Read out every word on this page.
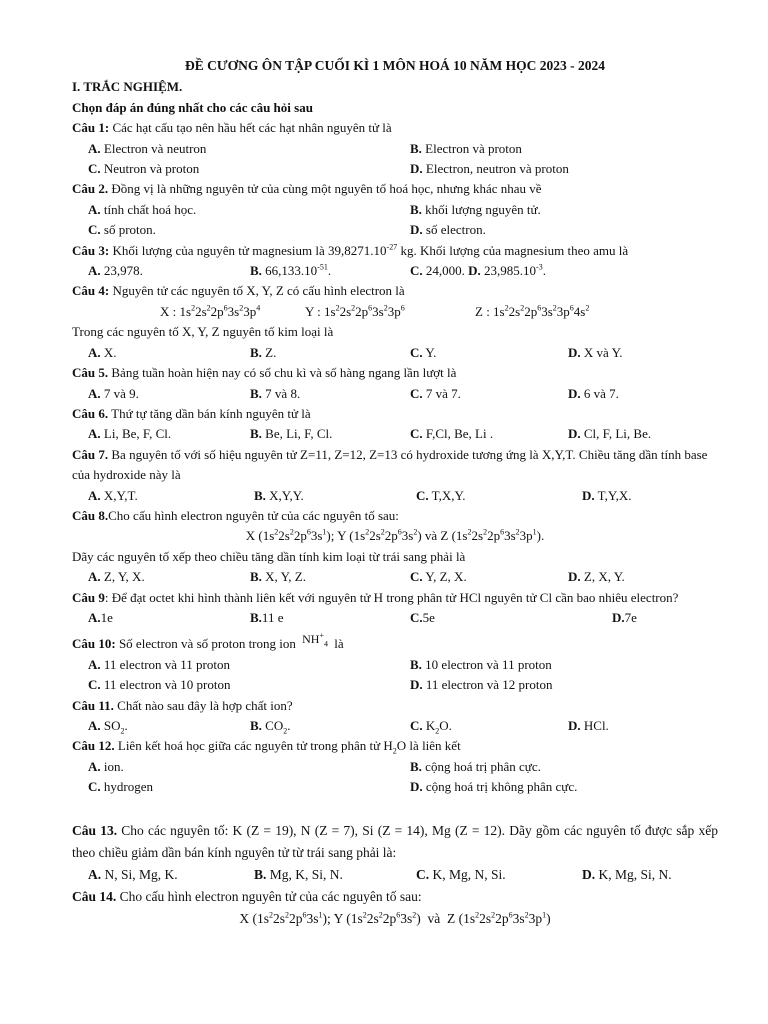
ĐỀ CƯƠNG ÔN TẬP CUỐI KÌ 1 MÔN HOÁ 10 NĂM HỌC 2023 - 2024
I. TRẮC NGHIỆM.
Chọn đáp án đúng nhất cho các câu hỏi sau
Câu 1: Các hạt cấu tạo nên hầu hết các hạt nhân nguyên tử là
A. Electron và neutron	B. Electron và proton
C. Neutron và proton	D. Electron, neutron và proton
Câu 2. Đồng vị là những nguyên tử của cùng một nguyên tố hoá học, nhưng khác nhau về
A. tính chất hoá học.	B. khối lượng nguyên tử.
C. số proton.	D. số electron.
Câu 3: Khối lượng của nguyên tử magnesium là $39,8271.10^{-27}$ kg. Khối lượng của magnesium theo amu là
A. 23,978.	B. $66,133.10^{-51}$.	C. 24,000. D. $23,985.10^{-3}$.
Câu 4: Nguyên tử các nguyên tố X, Y, Z có cấu hình electron là
X : $1s^22s^22p^63s^23p^4$	Y : $1s^22s^22p^63s^23p^6$	Z : $1s^22s^22p^63s^23p^64s^2$
Trong các nguyên tố X, Y, Z nguyên tố kim loại là
A. X.	B. Z.	C. Y.	D. X và Y.
Câu 5. Bảng tuần hoàn hiện nay có số chu kì và số hàng ngang lần lượt là
A. 7 và 9.	B. 7 và 8.	C. 7 và 7.	D. 6 và 7.
Câu 6. Thứ tự tăng dần bán kính nguyên tử là
A. Li, Be, F, Cl.	B. Be, Li, F, Cl.	C. F,Cl, Be, Li .	D. Cl, F, Li, Be.
Câu 7. Ba nguyên tố với số hiệu nguyên tử Z=11, Z=12, Z=13 có hydroxide tương ứng là X,Y,T. Chiều tăng dần tính base của hydroxide này là
A. X,Y,T.	B. X,Y,Y.	C. T,X,Y.	D. T,Y,X.
Câu 8.Cho cấu hình electron nguyên tử của các nguyên tố sau:
X $(1s^22s^22p^63s^1)$; Y $(1s^22s^22p^63s^2)$ và Z $(1s^22s^22p^63s^23p^1)$.
Dãy các nguyên tố xếp theo chiều tăng dần tính kim loại từ trái sang phải là
A. Z, Y, X.	B. X, Y, Z.	C. Y, Z, X.	D. Z, X, Y.
Câu 9: Để đạt octet khi hình thành liên kết với nguyên tử H trong phân tử HCl nguyên tử Cl cần bao nhiêu electron?
A.1e	B.11 e	C.5e	D.7e
Câu 10: Số electron và số proton trong ion $NH^+_4$ là
A. 11 electron và 11 proton	B. 10 electron và 11 proton
C. 11 electron và 10 proton	D. 11 electron và 12 proton
Câu 11. Chất nào sau đây là hợp chất ion?
A. $SO_2$.	B. $CO_2$.	C. $K_2O$.	D. HCl.
Câu 12. Liên kết hoá học giữa các nguyên tử trong phân tử $H_2O$ là liên kết
A. ion.	B. cộng hoá trị phân cực.
C. hydrogen	D. cộng hoá trị không phân cực.
Câu 13. Cho các nguyên tố: K (Z = 19), N (Z = 7), Si (Z = 14), Mg (Z = 12). Dãy gồm các nguyên tố được sắp xếp theo chiều giảm dần bán kính nguyên tử từ trái sang phải là:
A. N, Si, Mg, K.	B. Mg, K, Si, N.	C. K, Mg, N, Si.	D. K, Mg, Si, N.
Câu 14. Cho cấu hình electron nguyên tử của các nguyên tố sau:
X $(1s^22s^22p^63s^1)$; Y $(1s^22s^22p^63s^2)$  và  Z $(1s^22s^22p^63s^23p^1)$
